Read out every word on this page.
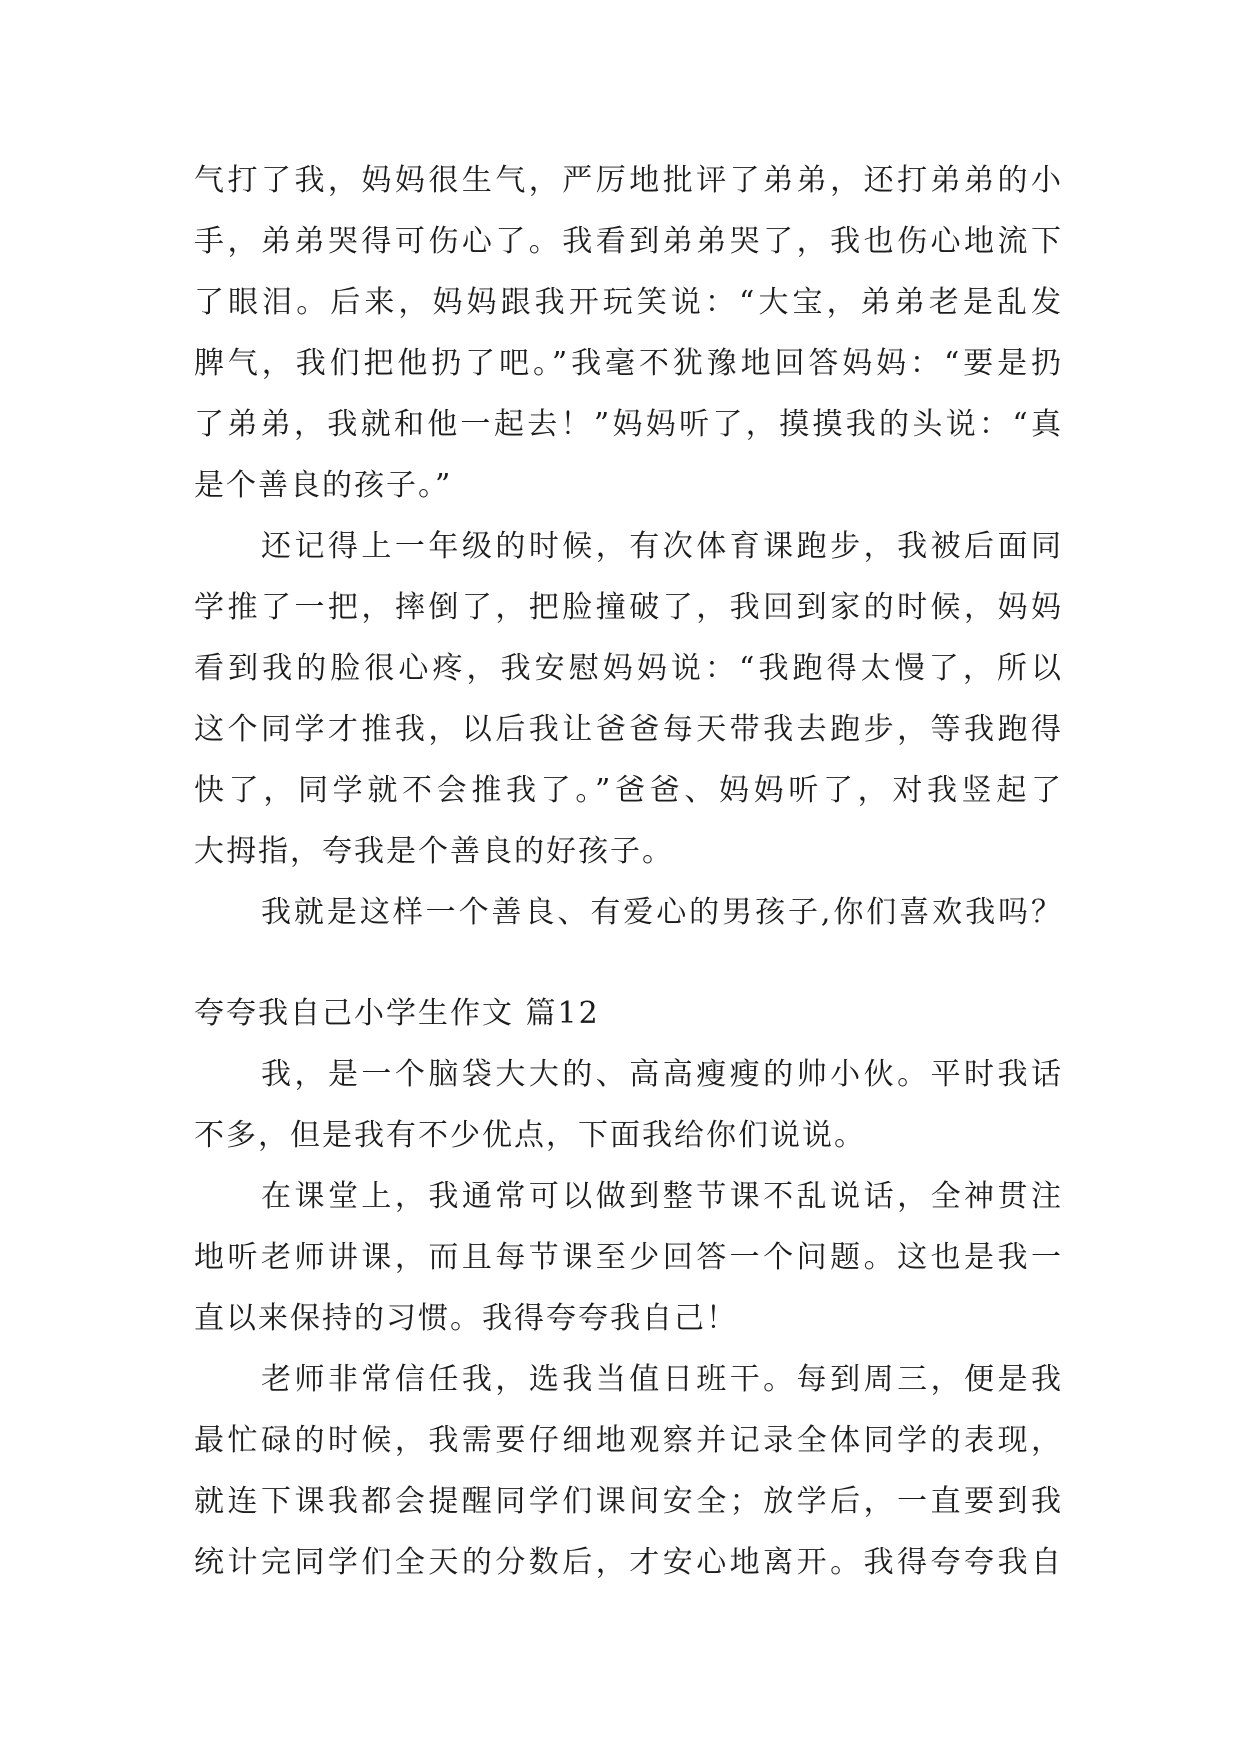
气打了我，妈妈很生气，严厉地批评了弟弟，还打弟弟的小
手，弟弟哭得可伤心了。我看到弟弟哭了，我也伤心地流下
了眼泪。后来，妈妈跟我开玩笑说：“大宝，弟弟老是乱发
脾气，我们把他扔了吧。”我毫不犹豫地回答妈妈：“要是扔
了弟弟，我就和他一起去！”妈妈听了，摸摸我的头说：“真
是个善良的孩子。”
还记得上一年级的时候，有次体育课跑步，我被后面同
学推了一把，摔倒了，把脸撞破了，我回到家的时候，妈妈
看到我的脸很心疼，我安慰妈妈说：“我跑得太慢了，所以
这个同学才推我，以后我让爸爸每天带我去跑步，等我跑得
快了，同学就不会推我了。”爸爸、妈妈听了，对我竖起了
大拇指，夸我是个善良的好孩子。
我就是这样一个善良、有爱心的男孩子,你们喜欢我吗？
夸夸我自己小学生作文 篇12
我，是一个脑袋大大的、高高瘦瘦的帅小伙。平时我话
不多，但是我有不少优点，下面我给你们说说。
在课堂上，我通常可以做到整节课不乱说话，全神贯注
地听老师讲课，而且每节课至少回答一个问题。这也是我一
直以来保持的习惯。我得夸夸我自己！
老师非常信任我，选我当值日班干。每到周三，便是我
最忙碌的时候，我需要仔细地观察并记录全体同学的表现，
就连下课我都会提醒同学们课间安全；放学后，一直要到我
统计完同学们全天的分数后，才安心地离开。我得夸夸我自
